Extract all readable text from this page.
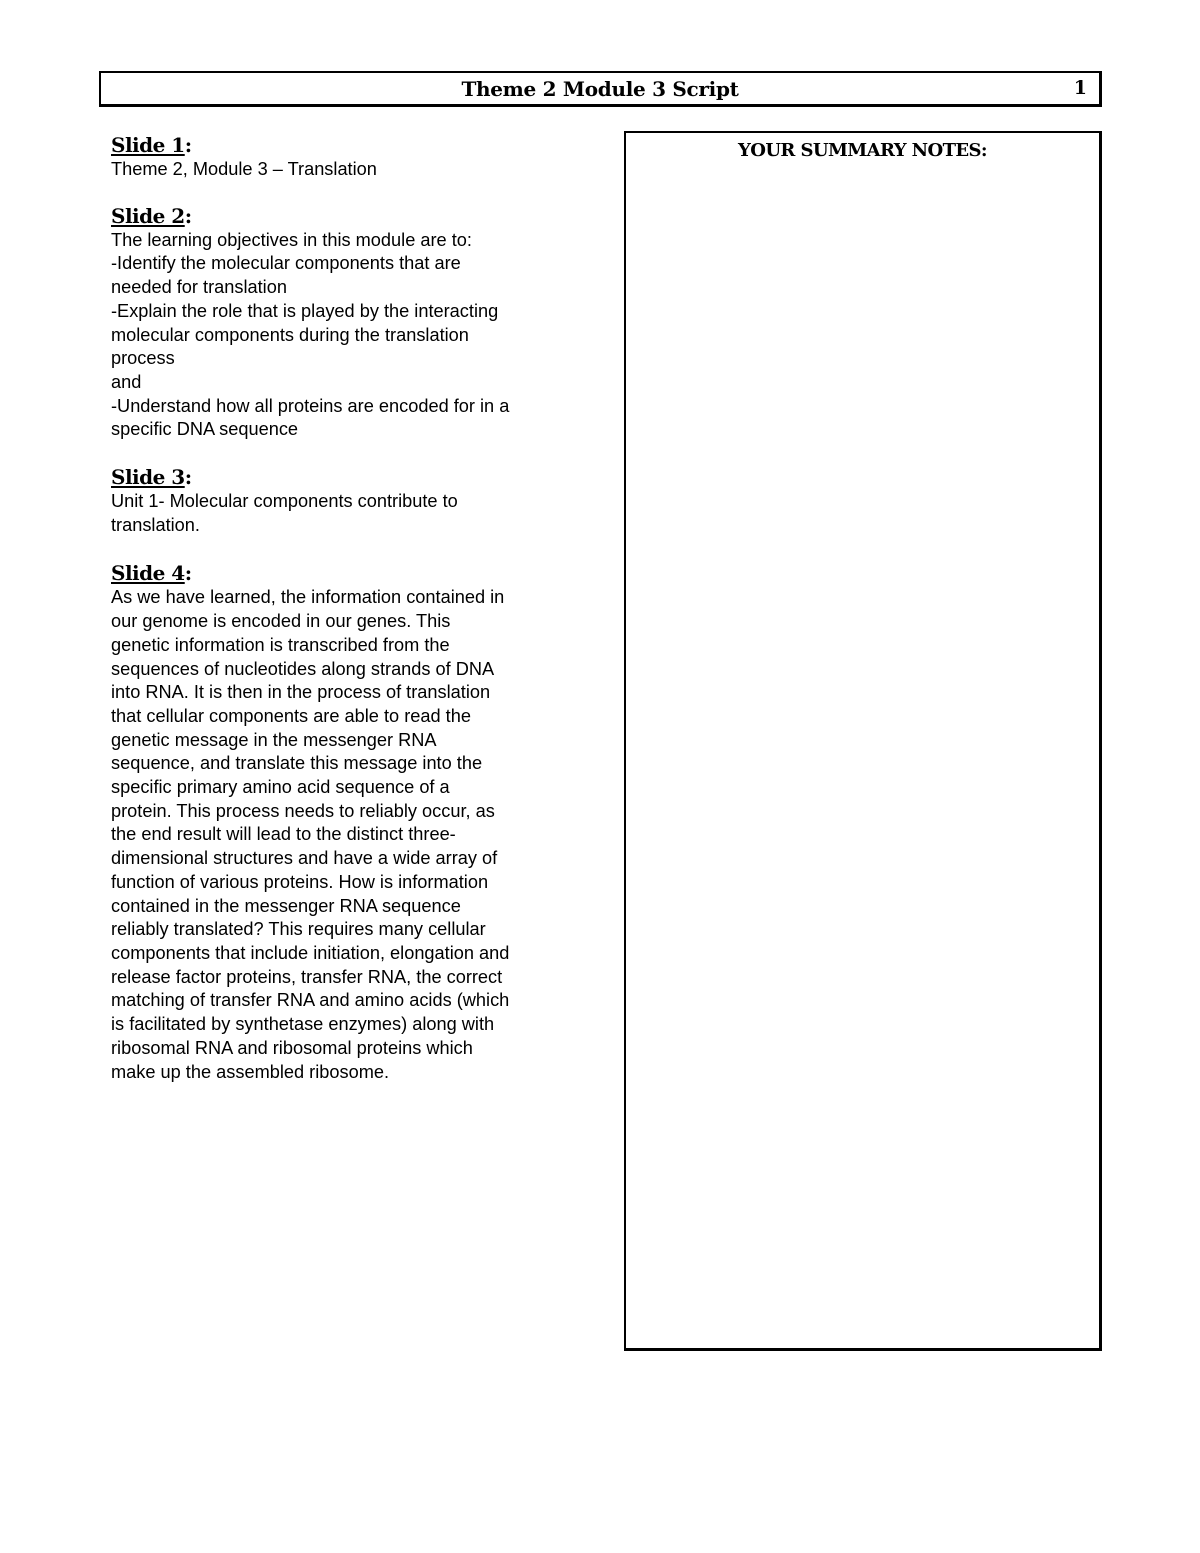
Theme 2 Module 3 Script	1
Slide 1:
Theme 2, Module 3 – Translation
Slide 2:
The learning objectives in this module are to:
-Identify the molecular components that are
needed for translation
-Explain the role that is played by the interacting
molecular components during the translation
process
and
-Understand how all proteins are encoded for in a
specific DNA sequence
Slide 3:
Unit 1- Molecular components contribute to
translation.
Slide 4:
As we have learned, the information contained in
our genome is encoded in our genes. This
genetic information is transcribed from the
sequences of nucleotides along strands of DNA
into RNA. It is then in the process of translation
that cellular components are able to read the
genetic message in the messenger RNA
sequence, and translate this message into the
specific primary amino acid sequence of a
protein. This process needs to reliably occur, as
the end result will lead to the distinct three-
dimensional structures and have a wide array of
function of various proteins. How is information
contained in the messenger RNA sequence
reliably translated? This requires many cellular
components that include initiation, elongation and
release factor proteins, transfer RNA, the correct
matching of transfer RNA and amino acids (which
is facilitated by synthetase enzymes) along with
ribosomal RNA and ribosomal proteins which
make up the assembled ribosome.
YOUR SUMMARY NOTES:
